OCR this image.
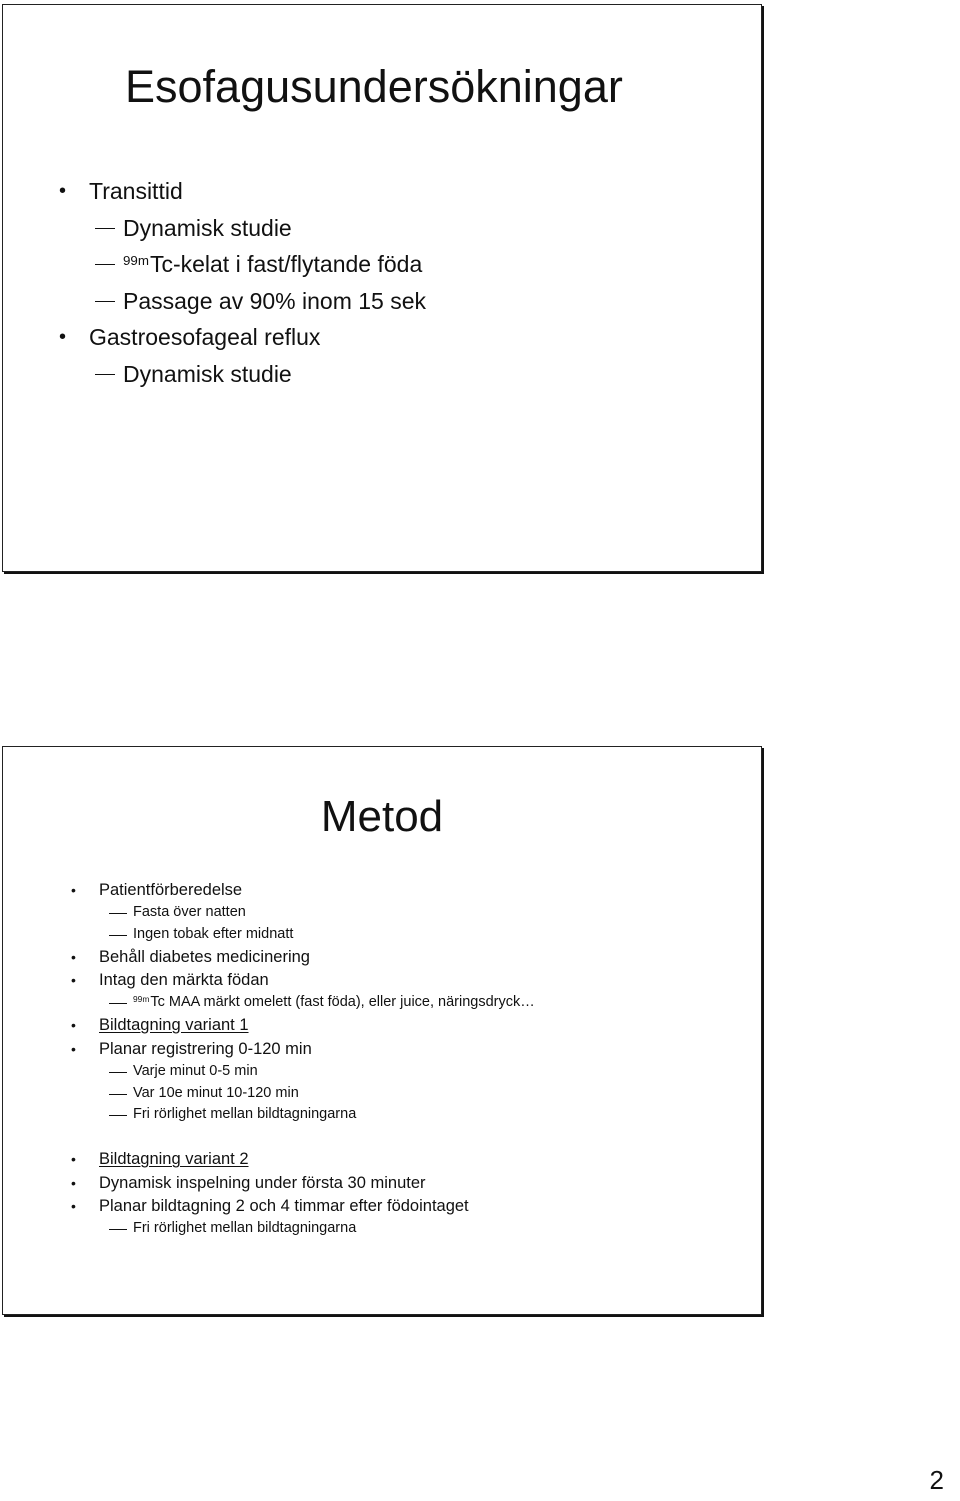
Esofagusundersökningar
• Transittid
Dynamisk studie
$^{99m}$Tc-kelat i fast/flytande föda
Passage av 90% inom 15 sek
• Gastroesofageal reflux
Dynamisk studie
Metod
• Patientförberedelse
Fasta över natten
Ingen tobak efter midnatt
• Behåll diabetes medicinering
• Intag den märkta födan
$^{99m}$Tc MAA märkt omelett (fast föda), eller juice, näringsdryck…
• Bildtagning variant 1
• Planar registrering 0-120 min
Varje minut 0-5 min
Var 10e minut 10-120 min
Fri rörlighet mellan bildtagningarna
• Bildtagning variant 2
• Dynamisk inspelning under första 30 minuter
• Planar bildtagning 2 och 4 timmar efter födointaget
Fri rörlighet mellan bildtagningarna
2
